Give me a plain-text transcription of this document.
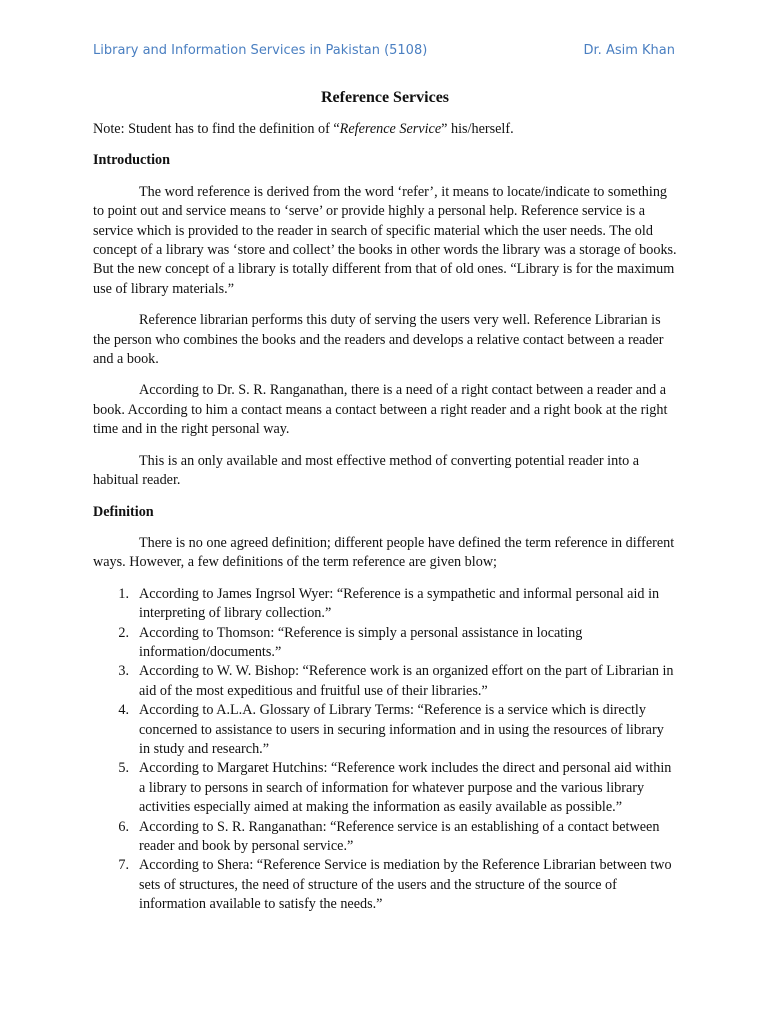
Library and Information Services in Pakistan (5108)	Dr. Asim Khan
Reference Services

Note: Student has to find the definition of “Reference Service” his/herself.

Introduction

The word reference is derived from the word ‘refer’, it means to locate/indicate to something to point out and service means to ‘serve’ or provide highly a personal help. Reference service is a service which is provided to the reader in search of specific material which the user needs. The old concept of a library was ‘store and collect’ the books in other words the library was a storage of books. But the new concept of a library is totally different from that of old ones. “Library is for the maximum use of library materials.”

Reference librarian performs this duty of serving the users very well. Reference Librarian is the person who combines the books and the readers and develops a relative contact between a reader and a book.

According to Dr. S. R. Ranganathan, there is a need of a right contact between a reader and a book. According to him a contact means a contact between a right reader and a right book at the right time and in the right personal way.

This is an only available and most effective method of converting potential reader into a habitual reader.

Definition

There is no one agreed definition; different people have defined the term reference in different ways. However, a few definitions of the term reference are given blow;

1. According to James Ingrsol Wyer: “Reference is a sympathetic and informal personal aid in interpreting of library collection.”
2. According to Thomson: “Reference is simply a personal assistance in locating information/documents.”
3. According to W. W. Bishop: “Reference work is an organized effort on the part of Librarian in aid of the most expeditious and fruitful use of their libraries.”
4. According to A.L.A. Glossary of Library Terms: “Reference is a service which is directly concerned to assistance to users in securing information and in using the resources of library in study and research.”
5. According to Margaret Hutchins: “Reference work includes the direct and personal aid within a library to persons in search of information for whatever purpose and the various library activities especially aimed at making the information as easily available as possible.”
6. According to S. R. Ranganathan: “Reference service is an establishing of a contact between reader and book by personal service.”
7. According to Shera: “Reference Service is mediation by the Reference Librarian between two sets of structures, the need of structure of the users and the structure of the source of information available to satisfy the needs.”
